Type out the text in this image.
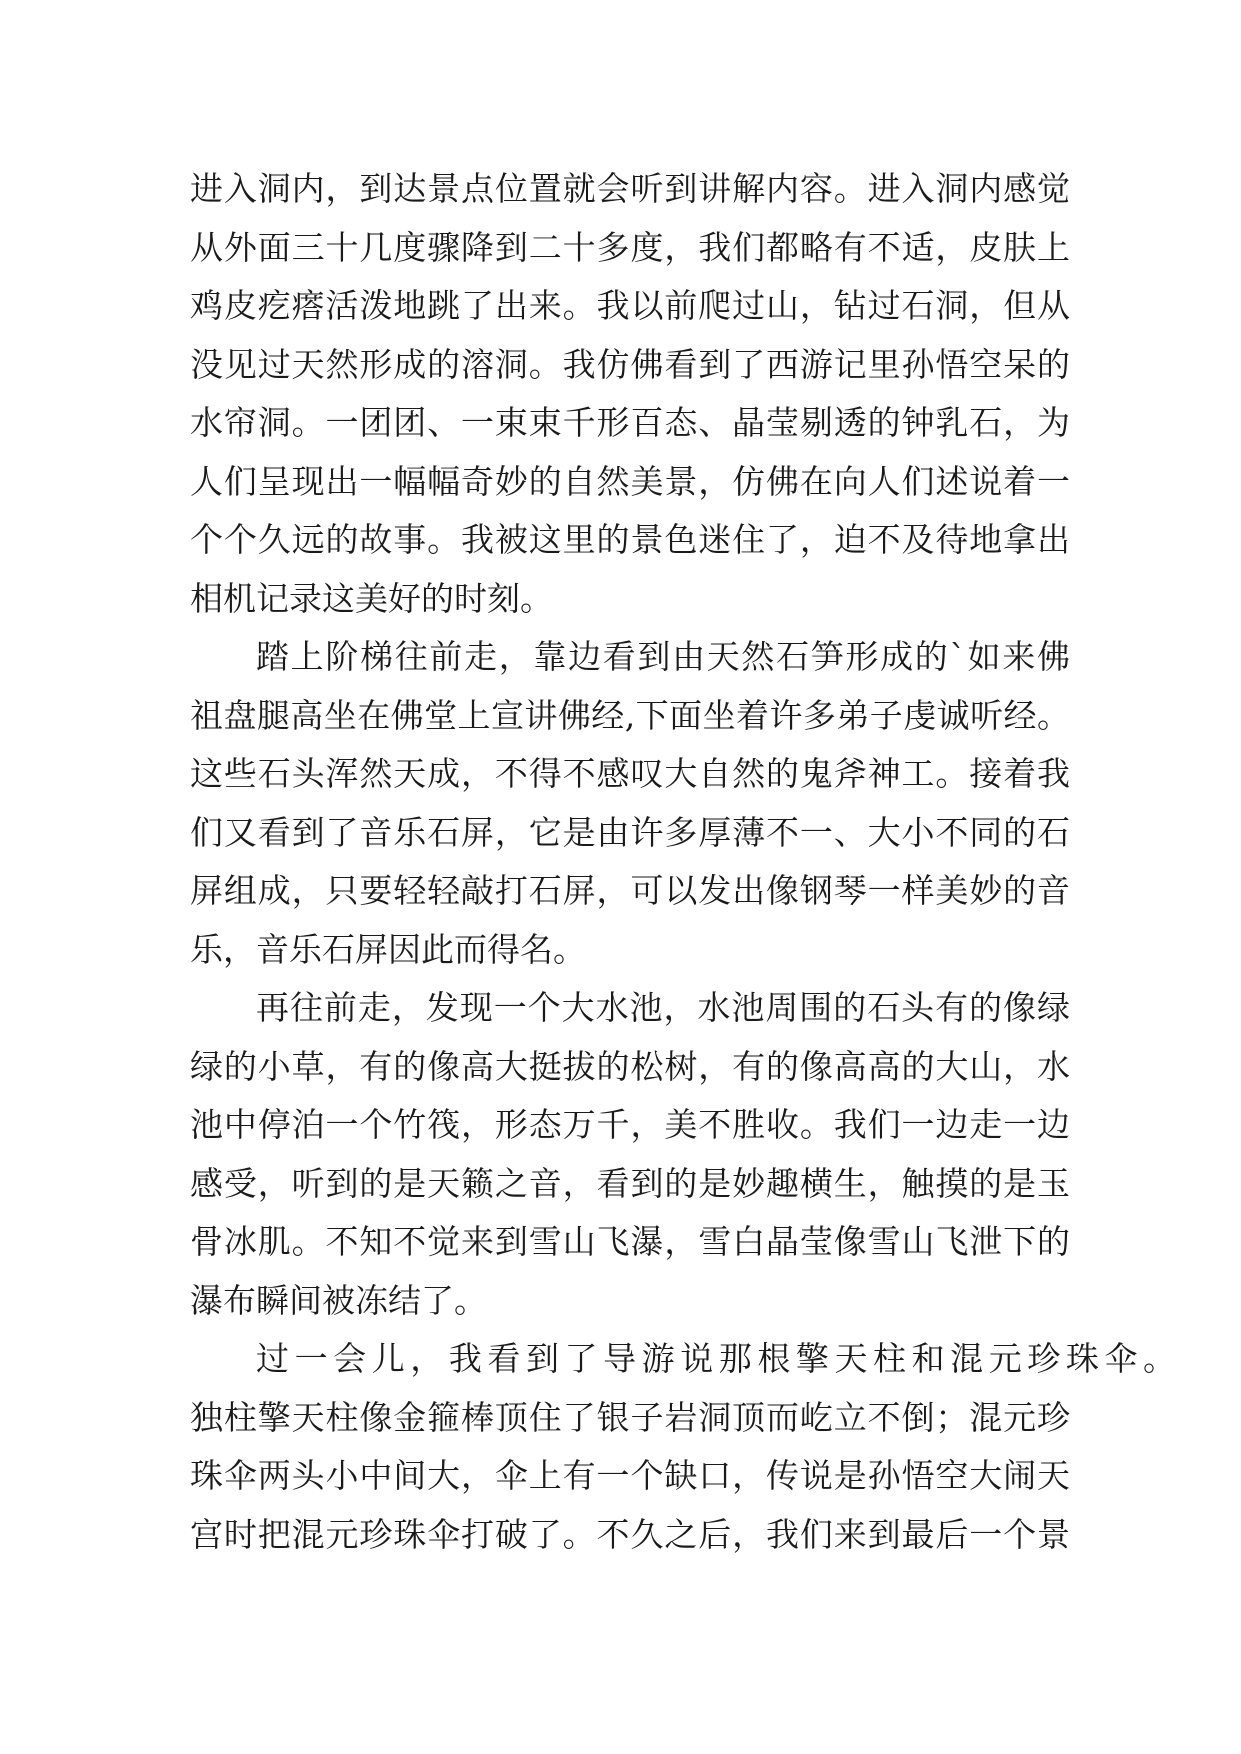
进入洞内，到达景点位置就会听到讲解内容。进入洞内感觉
从外面三十几度骤降到二十多度，我们都略有不适，皮肤上
鸡皮疙瘩活泼地跳了出来。我以前爬过山，钻过石洞，但从
没见过天然形成的溶洞。我仿佛看到了西游记里孙悟空呆的
水帘洞。一团团、一束束千形百态、晶莹剔透的钟乳石，为
人们呈现出一幅幅奇妙的自然美景，仿佛在向人们述说着一
个个久远的故事。我被这里的景色迷住了，迫不及待地拿出
相机记录这美好的时刻。
踏上阶梯往前走，靠边看到由天然石笋形成的`如来佛
祖盘腿高坐在佛堂上宣讲佛经,下面坐着许多弟子虔诚听经。
这些石头浑然天成，不得不感叹大自然的鬼斧神工。接着我
们又看到了音乐石屏，它是由许多厚薄不一、大小不同的石
屏组成，只要轻轻敲打石屏，可以发出像钢琴一样美妙的音
乐，音乐石屏因此而得名。
再往前走，发现一个大水池，水池周围的石头有的像绿
绿的小草，有的像高大挺拔的松树，有的像高高的大山，水
池中停泊一个竹筏，形态万千，美不胜收。我们一边走一边
感受，听到的是天籁之音，看到的是妙趣横生，触摸的是玉
骨冰肌。不知不觉来到雪山飞瀑，雪白晶莹像雪山飞泄下的
瀑布瞬间被冻结了。
过一会儿，我看到了导游说那根擎天柱和混元珍珠伞。
独柱擎天柱像金箍棒顶住了银子岩洞顶而屹立不倒；混元珍
珠伞两头小中间大，伞上有一个缺口，传说是孙悟空大闹天
宫时把混元珍珠伞打破了。不久之后，我们来到最后一个景
